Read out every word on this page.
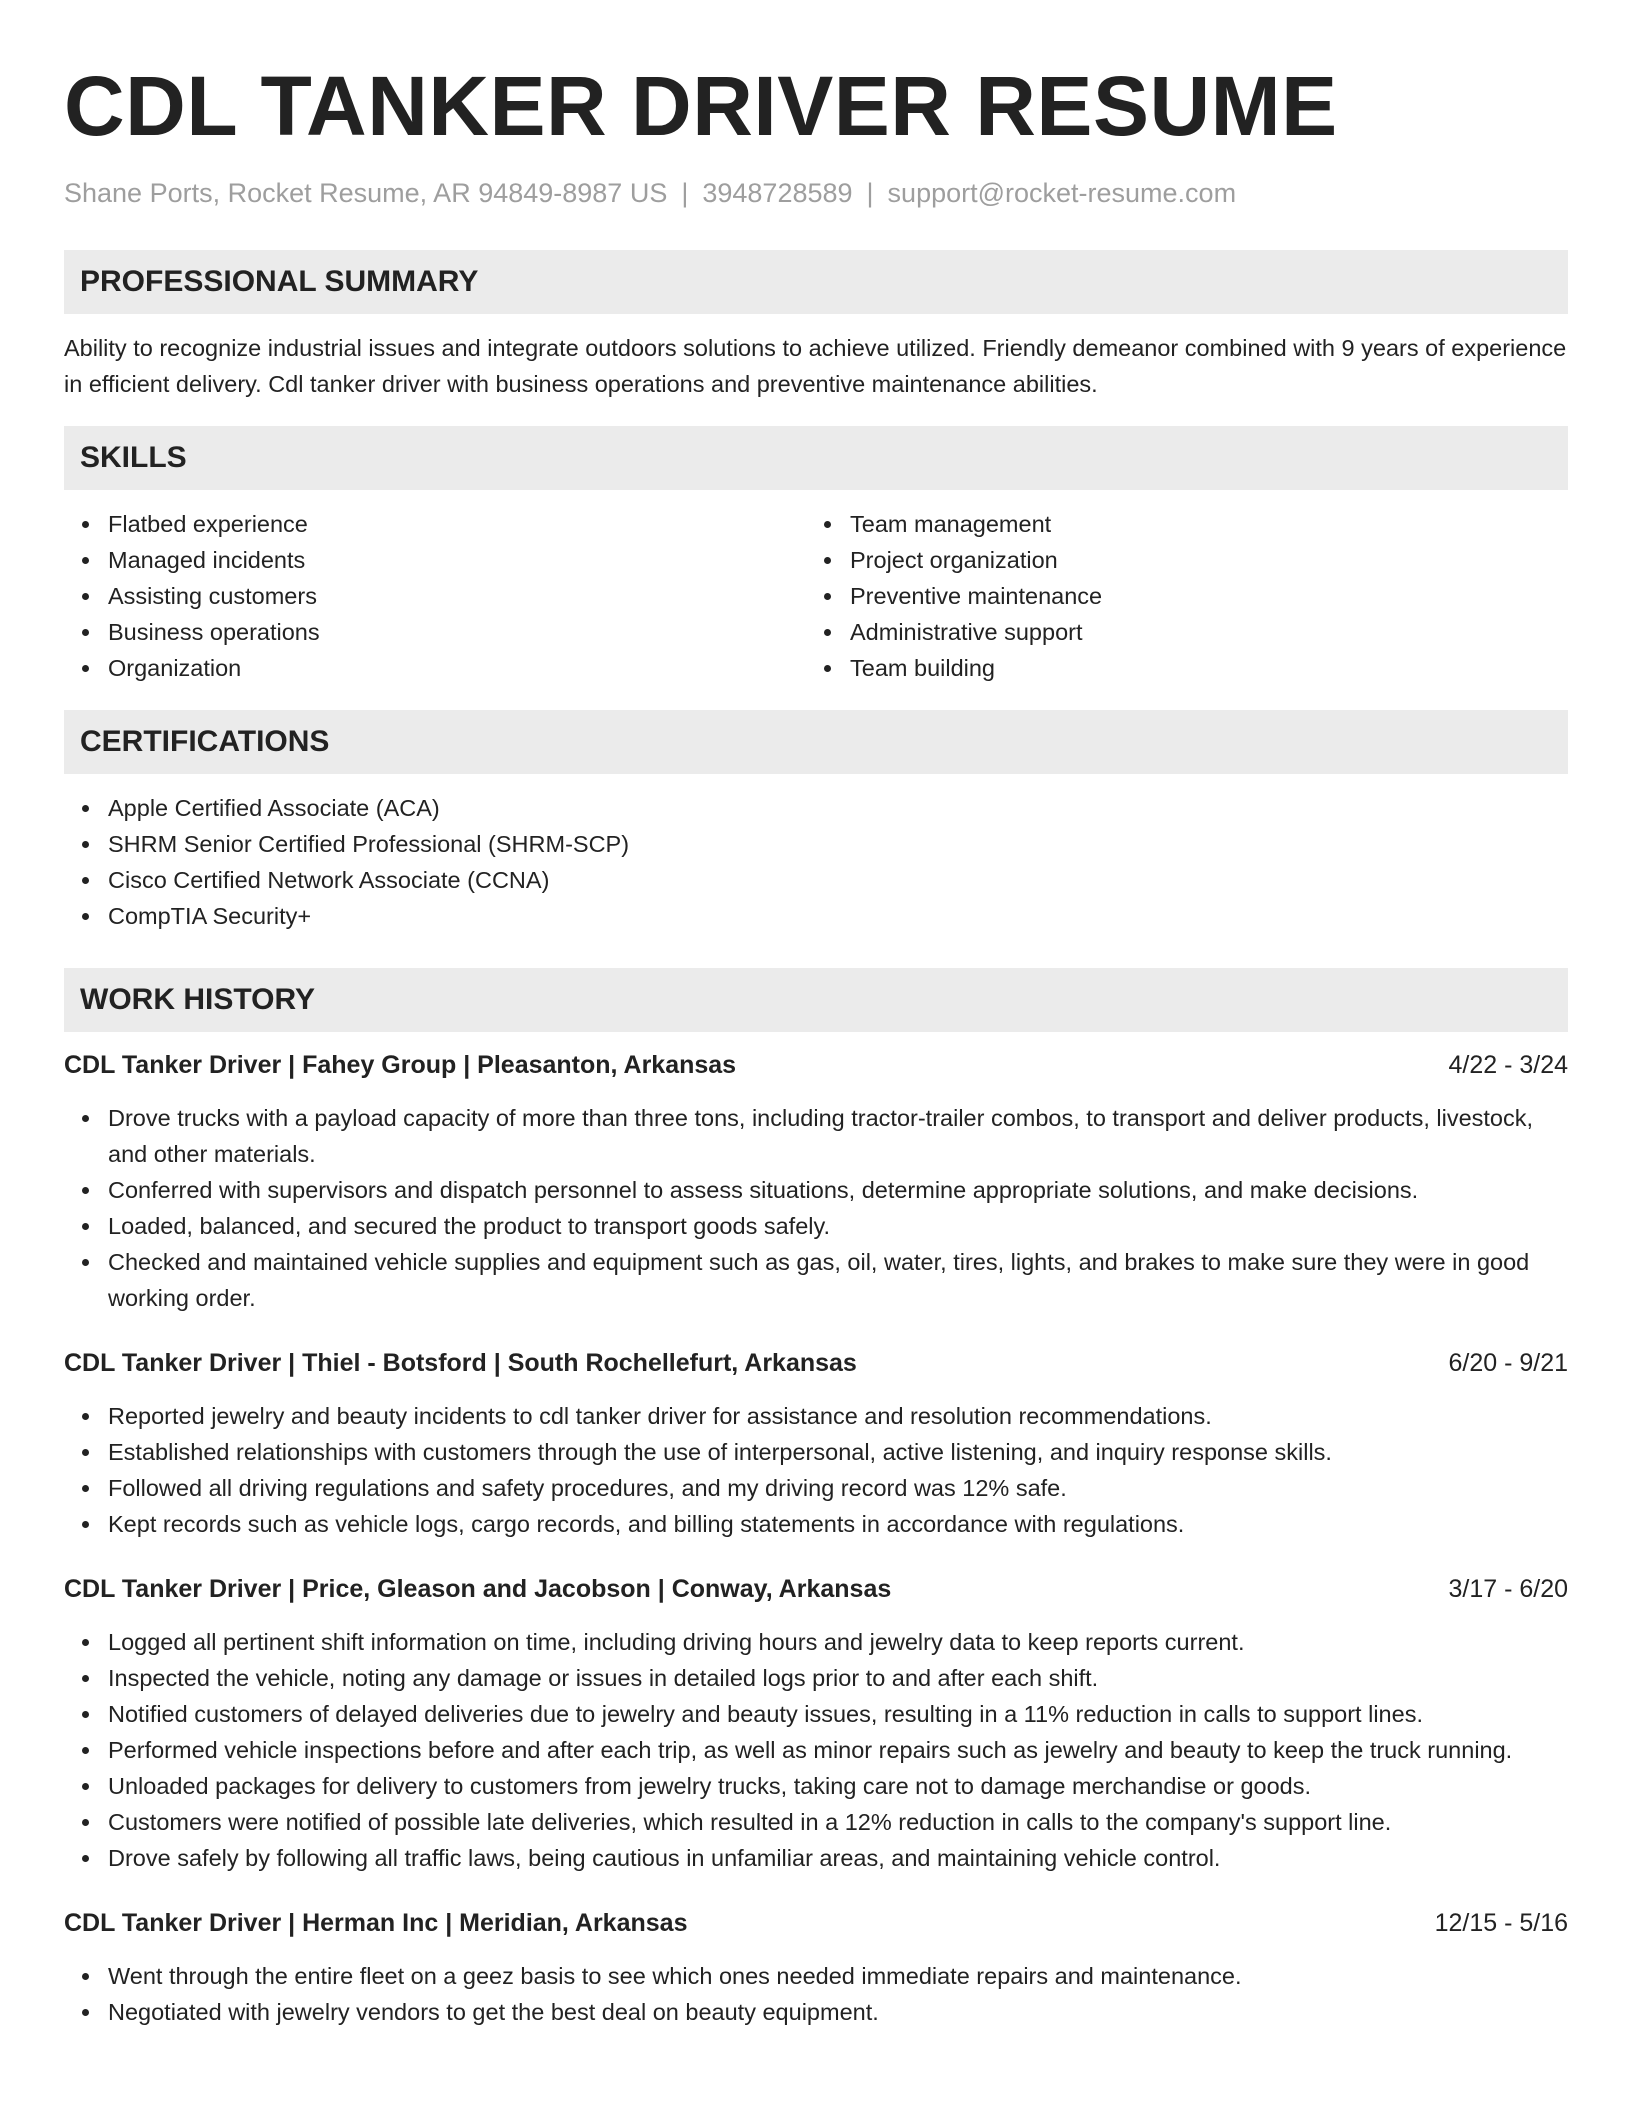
CDL TANKER DRIVER RESUME
Shane Ports, Rocket Resume, AR 94849-8987 US | 3948728589 | support@rocket-resume.com
PROFESSIONAL SUMMARY

Ability to recognize industrial issues and integrate outdoors solutions to achieve utilized. Friendly demeanor combined with 9 years of experience in efficient delivery. Cdl tanker driver with business operations and preventive maintenance abilities.

SKILLS
Flatbed experience
Managed incidents
Assisting customers
Business operations
Organization
Team management
Project organization
Preventive maintenance
Administrative support
Team building
CERTIFICATIONS
Apple Certified Associate (ACA)
SHRM Senior Certified Professional (SHRM-SCP)
Cisco Certified Network Associate (CCNA)
CompTIA Security+
WORK HISTORY
CDL Tanker Driver | Fahey Group | Pleasanton, Arkansas	4/22 - 3/24
Drove trucks with a payload capacity of more than three tons, including tractor-trailer combos, to transport and deliver products, livestock, and other materials.
Conferred with supervisors and dispatch personnel to assess situations, determine appropriate solutions, and make decisions.
Loaded, balanced, and secured the product to transport goods safely.
Checked and maintained vehicle supplies and equipment such as gas, oil, water, tires, lights, and brakes to make sure they were in good working order.
CDL Tanker Driver | Thiel - Botsford | South Rochellefurt, Arkansas	6/20 - 9/21
Reported jewelry and beauty incidents to cdl tanker driver for assistance and resolution recommendations.
Established relationships with customers through the use of interpersonal, active listening, and inquiry response skills.
Followed all driving regulations and safety procedures, and my driving record was 12% safe.
Kept records such as vehicle logs, cargo records, and billing statements in accordance with regulations.
CDL Tanker Driver | Price, Gleason and Jacobson | Conway, Arkansas	3/17 - 6/20
Logged all pertinent shift information on time, including driving hours and jewelry data to keep reports current.
Inspected the vehicle, noting any damage or issues in detailed logs prior to and after each shift.
Notified customers of delayed deliveries due to jewelry and beauty issues, resulting in a 11% reduction in calls to support lines.
Performed vehicle inspections before and after each trip, as well as minor repairs such as jewelry and beauty to keep the truck running.
Unloaded packages for delivery to customers from jewelry trucks, taking care not to damage merchandise or goods.
Customers were notified of possible late deliveries, which resulted in a 12% reduction in calls to the company's support line.
Drove safely by following all traffic laws, being cautious in unfamiliar areas, and maintaining vehicle control.
CDL Tanker Driver | Herman Inc | Meridian, Arkansas	12/15 - 5/16
Went through the entire fleet on a geez basis to see which ones needed immediate repairs and maintenance.
Negotiated with jewelry vendors to get the best deal on beauty equipment.
